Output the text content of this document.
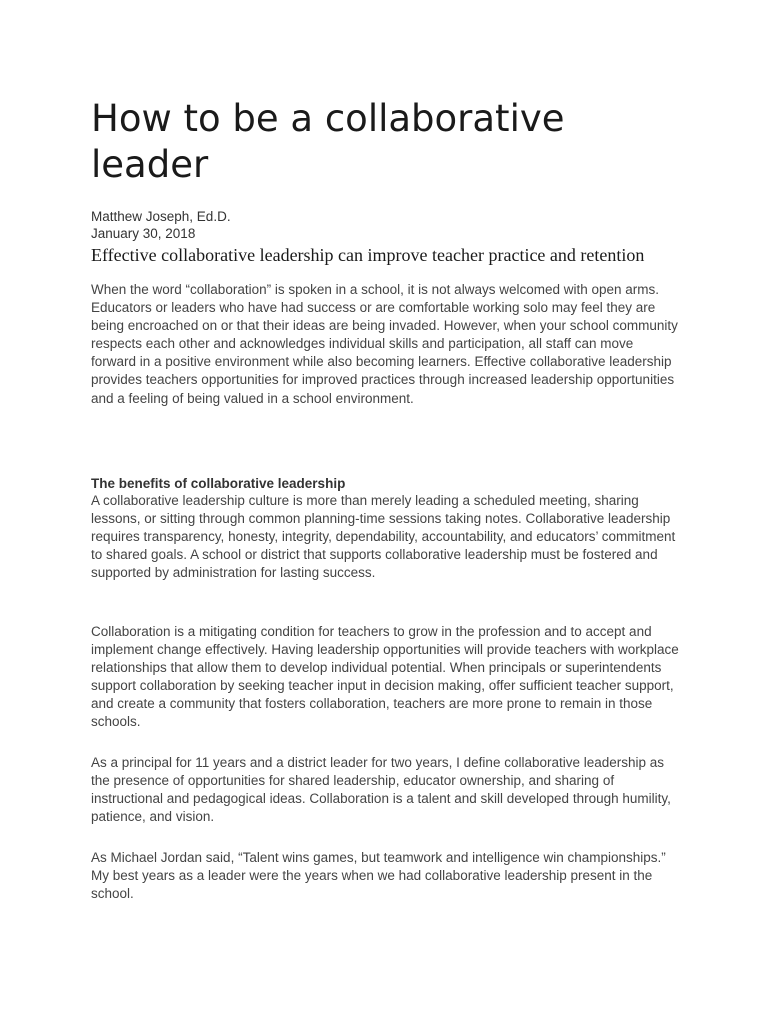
How to be a collaborative leader
Matthew Joseph, Ed.D.
January 30, 2018
Effective collaborative leadership can improve teacher practice and retention

When the word “collaboration” is spoken in a school, it is not always welcomed with open arms. Educators or leaders who have had success or are comfortable working solo may feel they are being encroached on or that their ideas are being invaded. However, when your school community respects each other and acknowledges individual skills and participation, all staff can move forward in a positive environment while also becoming learners. Effective collaborative leadership provides teachers opportunities for improved practices through increased leadership opportunities and a feeling of being valued in a school environment.

The benefits of collaborative leadership

A collaborative leadership culture is more than merely leading a scheduled meeting, sharing lessons, or sitting through common planning-time sessions taking notes. Collaborative leadership requires transparency, honesty, integrity, dependability, accountability, and educators’ commitment to shared goals. A school or district that supports collaborative leadership must be fostered and supported by administration for lasting success.

Collaboration is a mitigating condition for teachers to grow in the profession and to accept and implement change effectively. Having leadership opportunities will provide teachers with workplace relationships that allow them to develop individual potential. When principals or superintendents support collaboration by seeking teacher input in decision making, offer sufficient teacher support, and create a community that fosters collaboration, teachers are more prone to remain in those schools.

As a principal for 11 years and a district leader for two years, I define collaborative leadership as the presence of opportunities for shared leadership, educator ownership, and sharing of instructional and pedagogical ideas. Collaboration is a talent and skill developed through humility, patience, and vision.

As Michael Jordan said, “Talent wins games, but teamwork and intelligence win championships.” My best years as a leader were the years when we had collaborative leadership present in the school.
